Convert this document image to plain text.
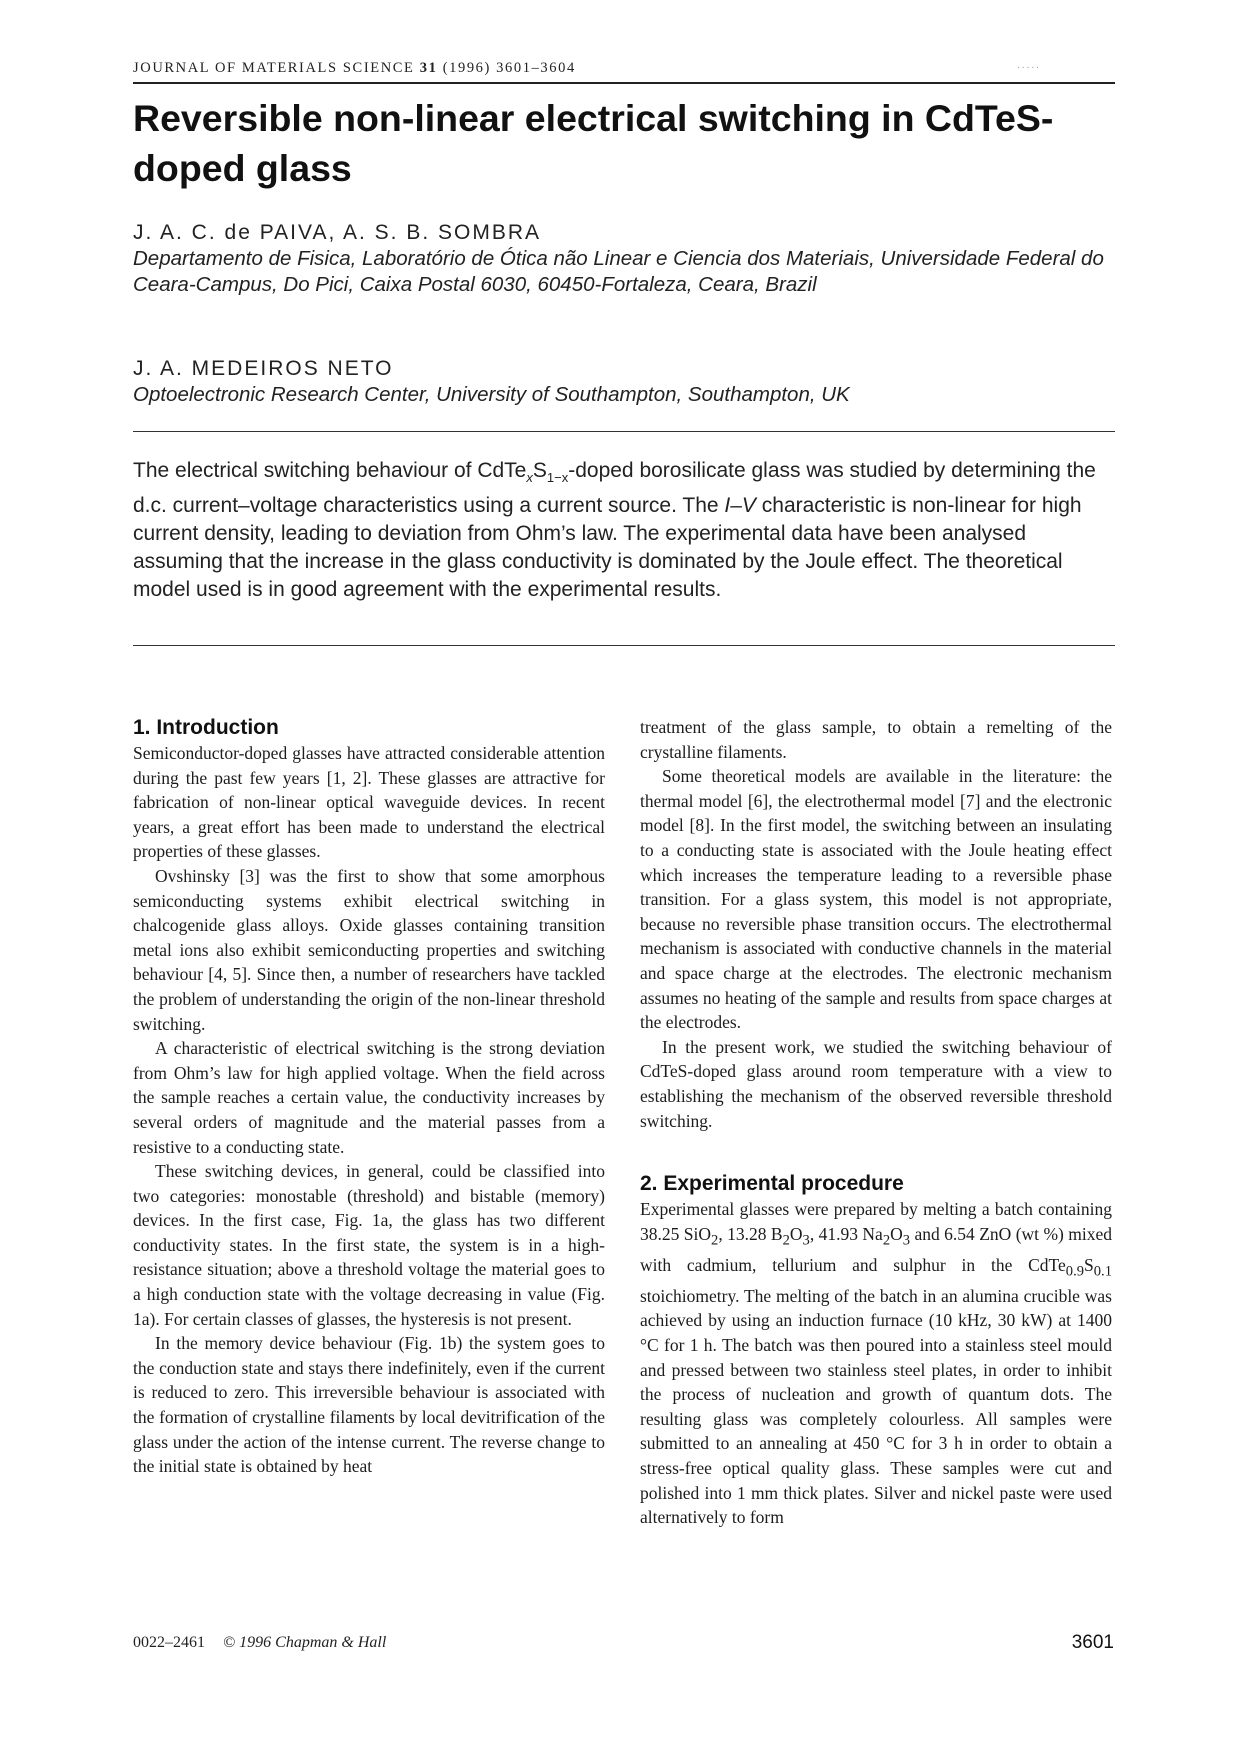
JOURNAL OF MATERIALS SCIENCE 31 (1996) 3601–3604	.....
Reversible non-linear electrical switching in CdTeS-doped glass

J. A. C. de PAIVA, A. S. B. SOMBRA

Departamento de Fisica, Laboratório de Ótica não Linear e Ciencia dos Materiais, Universidade Federal do Ceara-Campus, Do Pici, Caixa Postal 6030, 60450-Fortaleza, Ceara, Brazil

J. A. MEDEIROS NETO

Optoelectronic Research Center, University of Southampton, Southampton, UK

The electrical switching behaviour of $CdTe_xS_{1-x}$-doped borosilicate glass was studied by determining the d.c. current–voltage characteristics using a current source. The I–V characteristic is non-linear for high current density, leading to deviation from Ohm’s law. The experimental data have been analysed assuming that the increase in the glass conductivity is dominated by the Joule effect. The theoretical model used is in good agreement with the experimental results.

1. Introduction

Semiconductor-doped glasses have attracted considerable attention during the past few years [1, 2]. These glasses are attractive for fabrication of non-linear optical waveguide devices. In recent years, a great effort has been made to understand the electrical properties of these glasses.

Ovshinsky [3] was the first to show that some amorphous semiconducting systems exhibit electrical switching in chalcogenide glass alloys. Oxide glasses containing transition metal ions also exhibit semiconducting properties and switching behaviour [4, 5]. Since then, a number of researchers have tackled the problem of understanding the origin of the non-linear threshold switching.

A characteristic of electrical switching is the strong deviation from Ohm’s law for high applied voltage. When the field across the sample reaches a certain value, the conductivity increases by several orders of magnitude and the material passes from a resistive to a conducting state.

These switching devices, in general, could be classified into two categories: monostable (threshold) and bistable (memory) devices. In the first case, Fig. 1a, the glass has two different conductivity states. In the first state, the system is in a high-resistance situation; above a threshold voltage the material goes to a high conduction state with the voltage decreasing in value (Fig. 1a). For certain classes of glasses, the hysteresis is not present.

In the memory device behaviour (Fig. 1b) the system goes to the conduction state and stays there indefinitely, even if the current is reduced to zero. This irreversible behaviour is associated with the formation of crystalline filaments by local devitrification of the glass under the action of the intense current. The reverse change to the initial state is obtained by heat

treatment of the glass sample, to obtain a remelting of the crystalline filaments.

Some theoretical models are available in the literature: the thermal model [6], the electrothermal model [7] and the electronic model [8]. In the first model, the switching between an insulating to a conducting state is associated with the Joule heating effect which increases the temperature leading to a reversible phase transition. For a glass system, this model is not appropriate, because no reversible phase transition occurs. The electrothermal mechanism is associated with conductive channels in the material and space charge at the electrodes. The electronic mechanism assumes no heating of the sample and results from space charges at the electrodes.

In the present work, we studied the switching behaviour of CdTeS-doped glass around room temperature with a view to establishing the mechanism of the observed reversible threshold switching.

2. Experimental procedure

Experimental glasses were prepared by melting a batch containing 38.25 SiO$_2$, 13.28 $B_2O_3$, 41.93 $Na_2O_3$ and 6.54 ZnO (wt %) mixed with cadmium, tellurium and sulphur in the $CdTe_{0.9}S_{0.1}$ stoichiometry. The melting of the batch in an alumina crucible was achieved by using an induction furnace (10 kHz, 30 kW) at 1400 °C for 1 h. The batch was then poured into a stainless steel mould and pressed between two stainless steel plates, in order to inhibit the process of nucleation and growth of quantum dots. The resulting glass was completely colourless. All samples were submitted to an annealing at 450 °C for 3 h in order to obtain a stress-free optical quality glass. These samples were cut and polished into 1 mm thick plates. Silver and nickel paste were used alternatively to form

0022–2461 © 1996 Chapman & Hall	3601
